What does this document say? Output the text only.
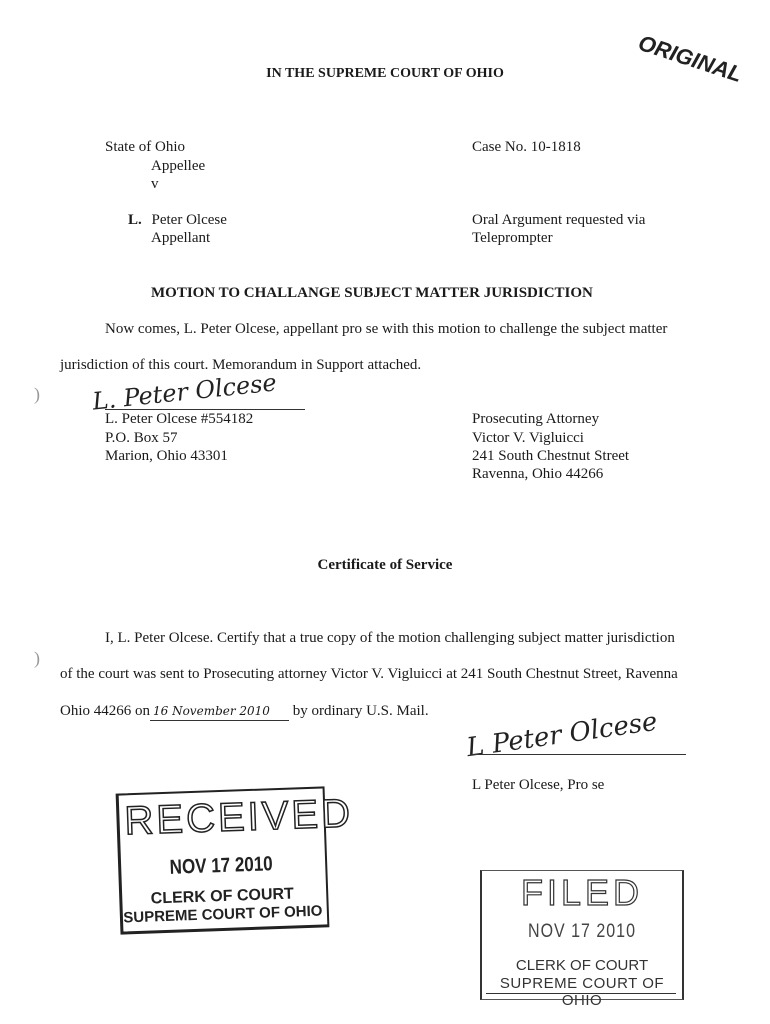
ORIGINAL
IN THE SUPREME COURT OF OHIO
State of Ohio
Appellee
v
L. Peter Olcese
Appellant
Case No. 10-1818
Oral Argument requested via
Teleprompter
MOTION TO CHALLANGE SUBJECT MATTER JURISDICTION
Now comes, L. Peter Olcese, appellant pro se with this motion to challenge the subject matter
jurisdiction of this court. Memorandum in Support attached.
) L. Peter Olcese
L. Peter Olcese #554182
P.O. Box 57
Marion, Ohio 43301
Prosecuting Attorney
Victor V. Vigluicci
241 South Chestnut Street
Ravenna, Ohio 44266
Certificate of Service
I, L. Peter Olcese. Certify that a true copy of the motion challenging subject matter jurisdiction
)
of the court was sent to Prosecuting attorney Victor V. Vigluicci at 241 South Chestnut Street, Ravenna
Ohio 44266 on 16 November 2010 by ordinary U.S. Mail. L Peter Olcese
L Peter Olcese, Pro se
RECEIVED
NOV 17 2010
CLERK OF COURT
SUPREME COURT OF OHIO
FILED
NOV 17 2010
CLERK OF COURT
SUPREME COURT OF OHIO
